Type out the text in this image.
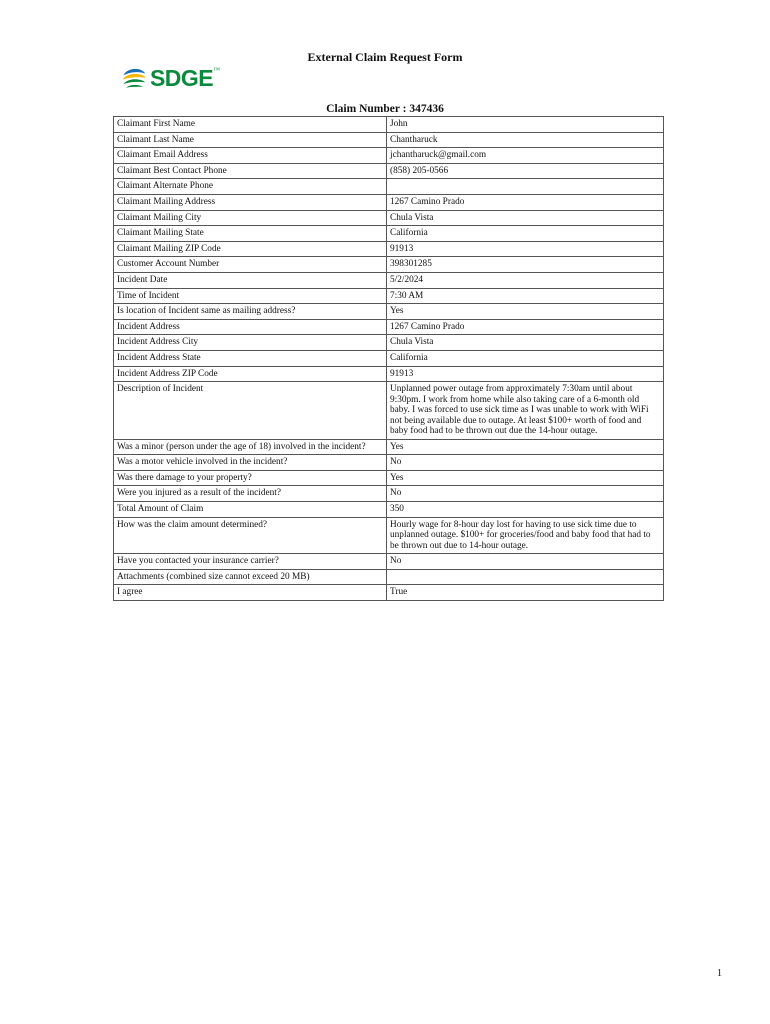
External Claim Request Form
SDGE ™
Claim Number : 347436
Claimant First Name	John
Claimant Last Name	Chantharuck
Claimant Email Address	jchantharuck@gmail.com
Claimant Best Contact Phone	(858) 205-0566
Claimant Alternate Phone	
Claimant Mailing Address	1267 Camino Prado
Claimant Mailing City	Chula Vista
Claimant Mailing State	California
Claimant Mailing ZIP Code	91913
Customer Account Number	398301285
Incident Date	5/2/2024
Time of Incident	7:30 AM
Is location of Incident same as mailing address?	Yes
Incident Address	1267 Camino Prado
Incident Address City	Chula Vista
Incident Address State	California
Incident Address ZIP Code	91913
Description of Incident	Unplanned power outage from approximately 7:30am until about 9:30pm. I work from home while also taking care of a 6-month old baby. I was forced to use sick time as I was unable to work with WiFi not being available due to outage. At least $100+ worth of food and baby food had to be thrown out due the 14-hour outage.
Was a minor (person under the age of 18) involved in the incident?	Yes
Was a motor vehicle involved in the incident?	No
Was there damage to your property?	Yes
Were you injured as a result of the incident?	No
Total Amount of Claim	350
How was the claim amount determined?	Hourly wage for 8-hour day lost for having to use sick time due to unplanned outage. $100+ for groceries/food and baby food that had to be thrown out due to 14-hour outage.
Have you contacted your insurance carrier?	No
Attachments (combined size cannot exceed 20 MB)	
I agree	True
1
